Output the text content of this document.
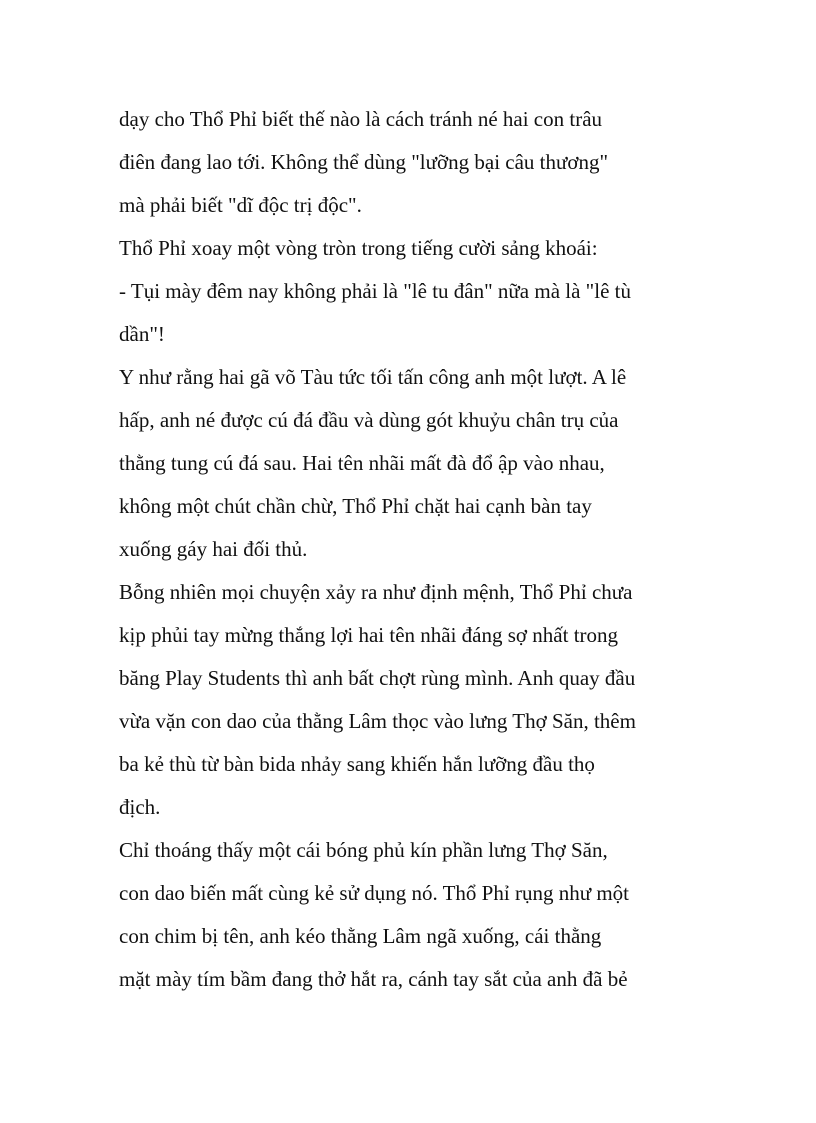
dạy cho Thổ Phỉ biết thế nào là cách tránh né hai con trâu
điên đang lao tới. Không thể dùng "lưỡng bại câu thương"
mà phải biết "dĩ độc trị độc".
Thổ Phỉ xoay một vòng tròn trong tiếng cười sảng khoái:
- Tụi mày đêm nay không phải là "lê tu đân" nữa mà là "lê tù
dần"!
Y như rằng hai gã võ Tàu tức tối tấn công anh một lượt. A lê
hấp, anh né được cú đá đầu và dùng gót khuỷu chân trụ của
thằng tung cú đá sau. Hai tên nhãi mất đà đổ ập vào nhau,
không một chút chần chừ, Thổ Phỉ chặt hai cạnh bàn tay
xuống gáy hai đối thủ.
Bỗng nhiên mọi chuyện xảy ra như định mệnh, Thổ Phỉ chưa
kịp phủi tay mừng thắng lợi hai tên nhãi đáng sợ nhất trong
băng Play Students thì anh bất chợt rùng mình. Anh quay đầu
vừa vặn con dao của thằng Lâm thọc vào lưng Thợ Săn, thêm
ba kẻ thù từ bàn bida nhảy sang khiến hắn lưỡng đầu thọ
địch.
Chỉ thoáng thấy một cái bóng phủ kín phần lưng Thợ Săn,
con dao biến mất cùng kẻ sử dụng nó. Thổ Phỉ rụng như một
con chim bị tên, anh kéo thằng Lâm ngã xuống, cái thằng
mặt mày tím bầm đang thở hắt ra, cánh tay sắt của anh đã bẻ
